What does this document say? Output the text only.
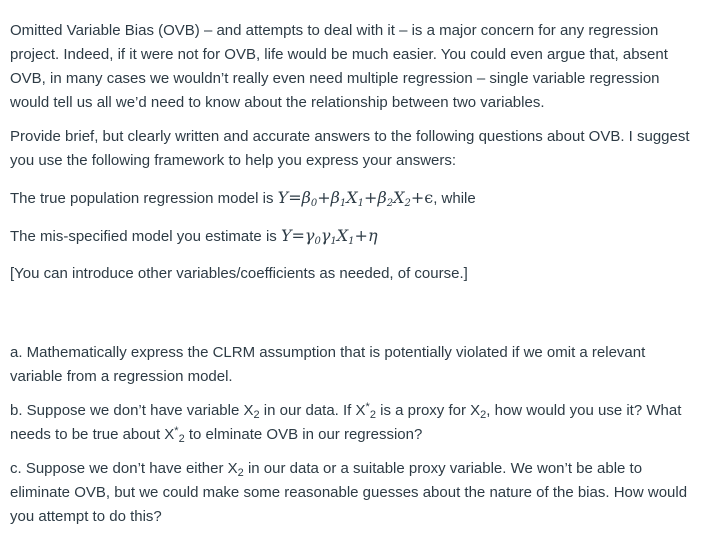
Omitted Variable Bias (OVB) – and attempts to deal with it – is a major concern for any regression project. Indeed, if it were not for OVB, life would be much easier. You could even argue that, absent OVB, in many cases we wouldn’t really even need multiple regression – single variable regression would tell us all we’d need to know about the relationship between two variables.

Provide brief, but clearly written and accurate answers to the following questions about OVB. I suggest you use the following framework to help you express your answers:

The true population regression model is $Y=\beta_0+\beta_1X_1+\beta_2X_2+\epsilon$, while

The mis-specified model you estimate is $Y=\gamma_0\gamma_1X_1+\eta$

[You can introduce other variables/coefficients as needed, of course.]

a. Mathematically express the CLRM assumption that is potentially violated if we omit a relevant variable from a regression model.

b. Suppose we don’t have variable $X_2$ in our data. If $X^*_2$ is a proxy for $X_2$, how would you use it? What needs to be true about $X^*_2$ to elminate OVB in our regression?

c. Suppose we don’t have either $X_2$ in our data or a suitable proxy variable. We won’t be able to eliminate OVB, but we could make some reasonable guesses about the nature of the bias. How would you attempt to do this?
